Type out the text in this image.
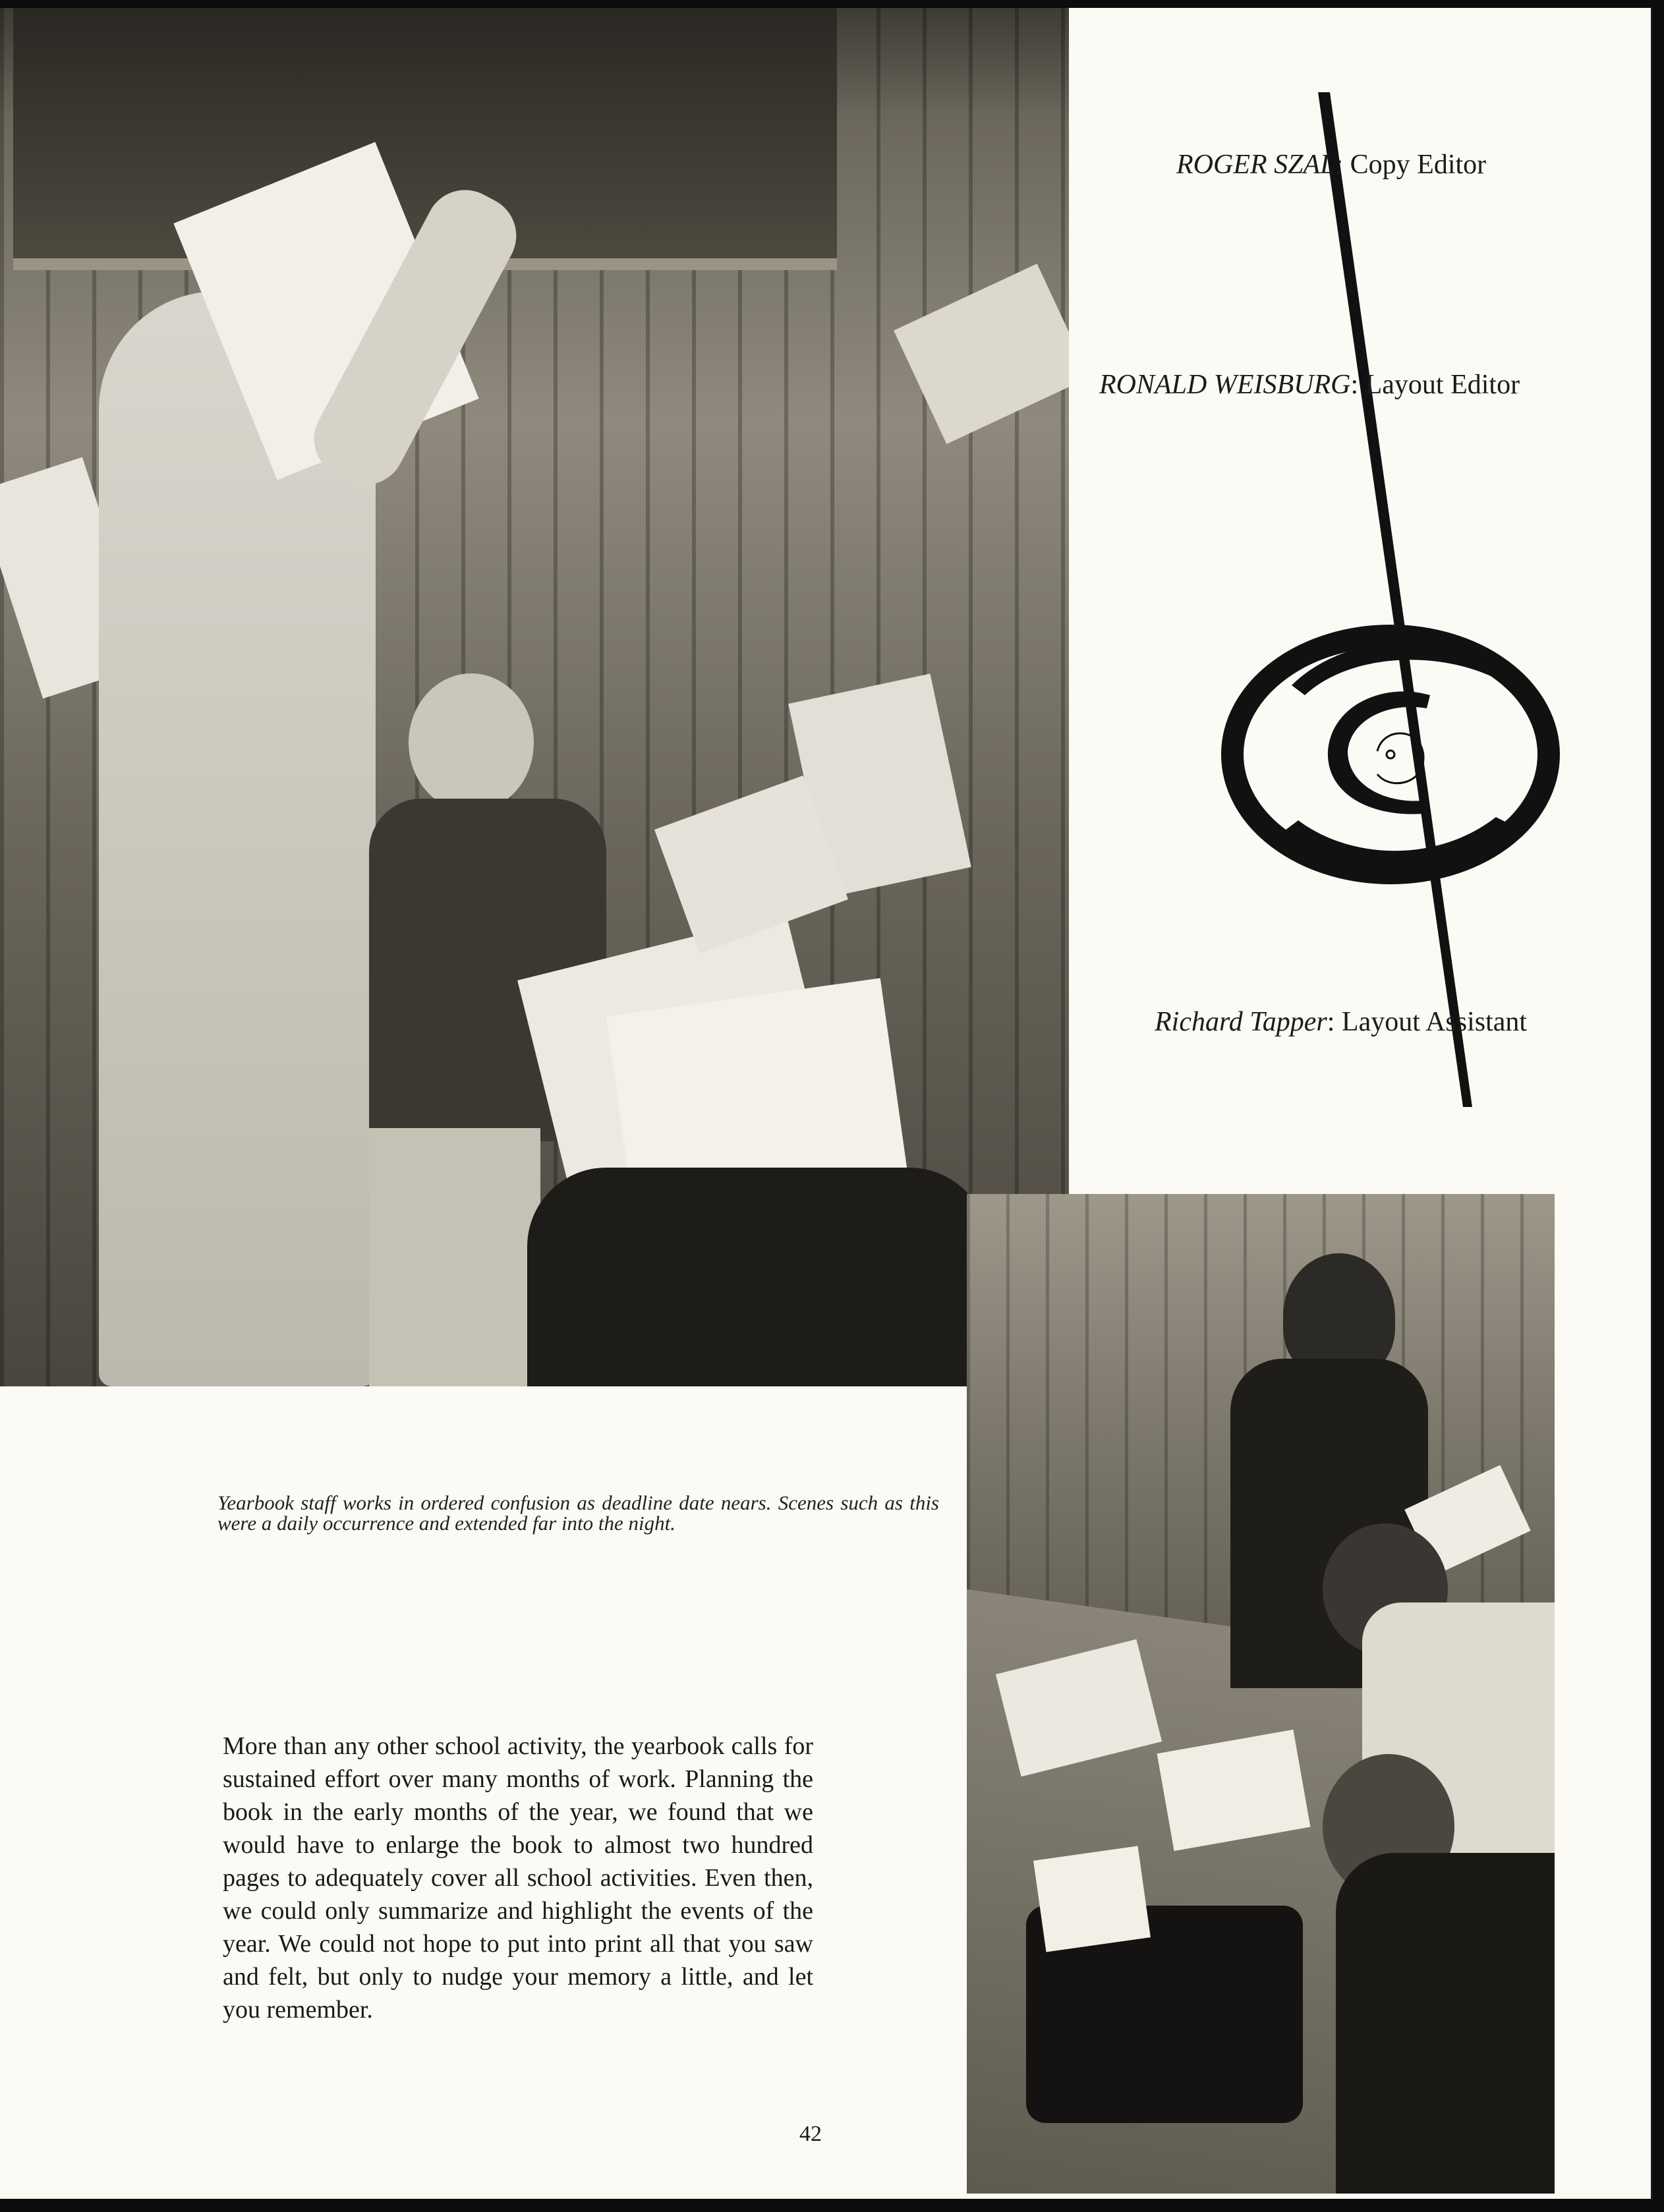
ROGER SZAL: Copy Editor
RONALD WEISBURG: Layout Editor
Richard Tapper: Layout Assistant
Yearbook staff works in ordered confusion as deadline date nears. Scenes such as this were a daily occurrence and extended far into the night.
More than any other school activity, the yearbook calls for sustained effort over many months of work. Planning the book in the early months of the year, we found that we would have to enlarge the book to almost two hundred pages to adequately cover all school activities. Even then, we could only summarize and highlight the events of the year. We could not hope to put into print all that you saw and felt, but only to nudge your memory a little, and let you remember.
42
